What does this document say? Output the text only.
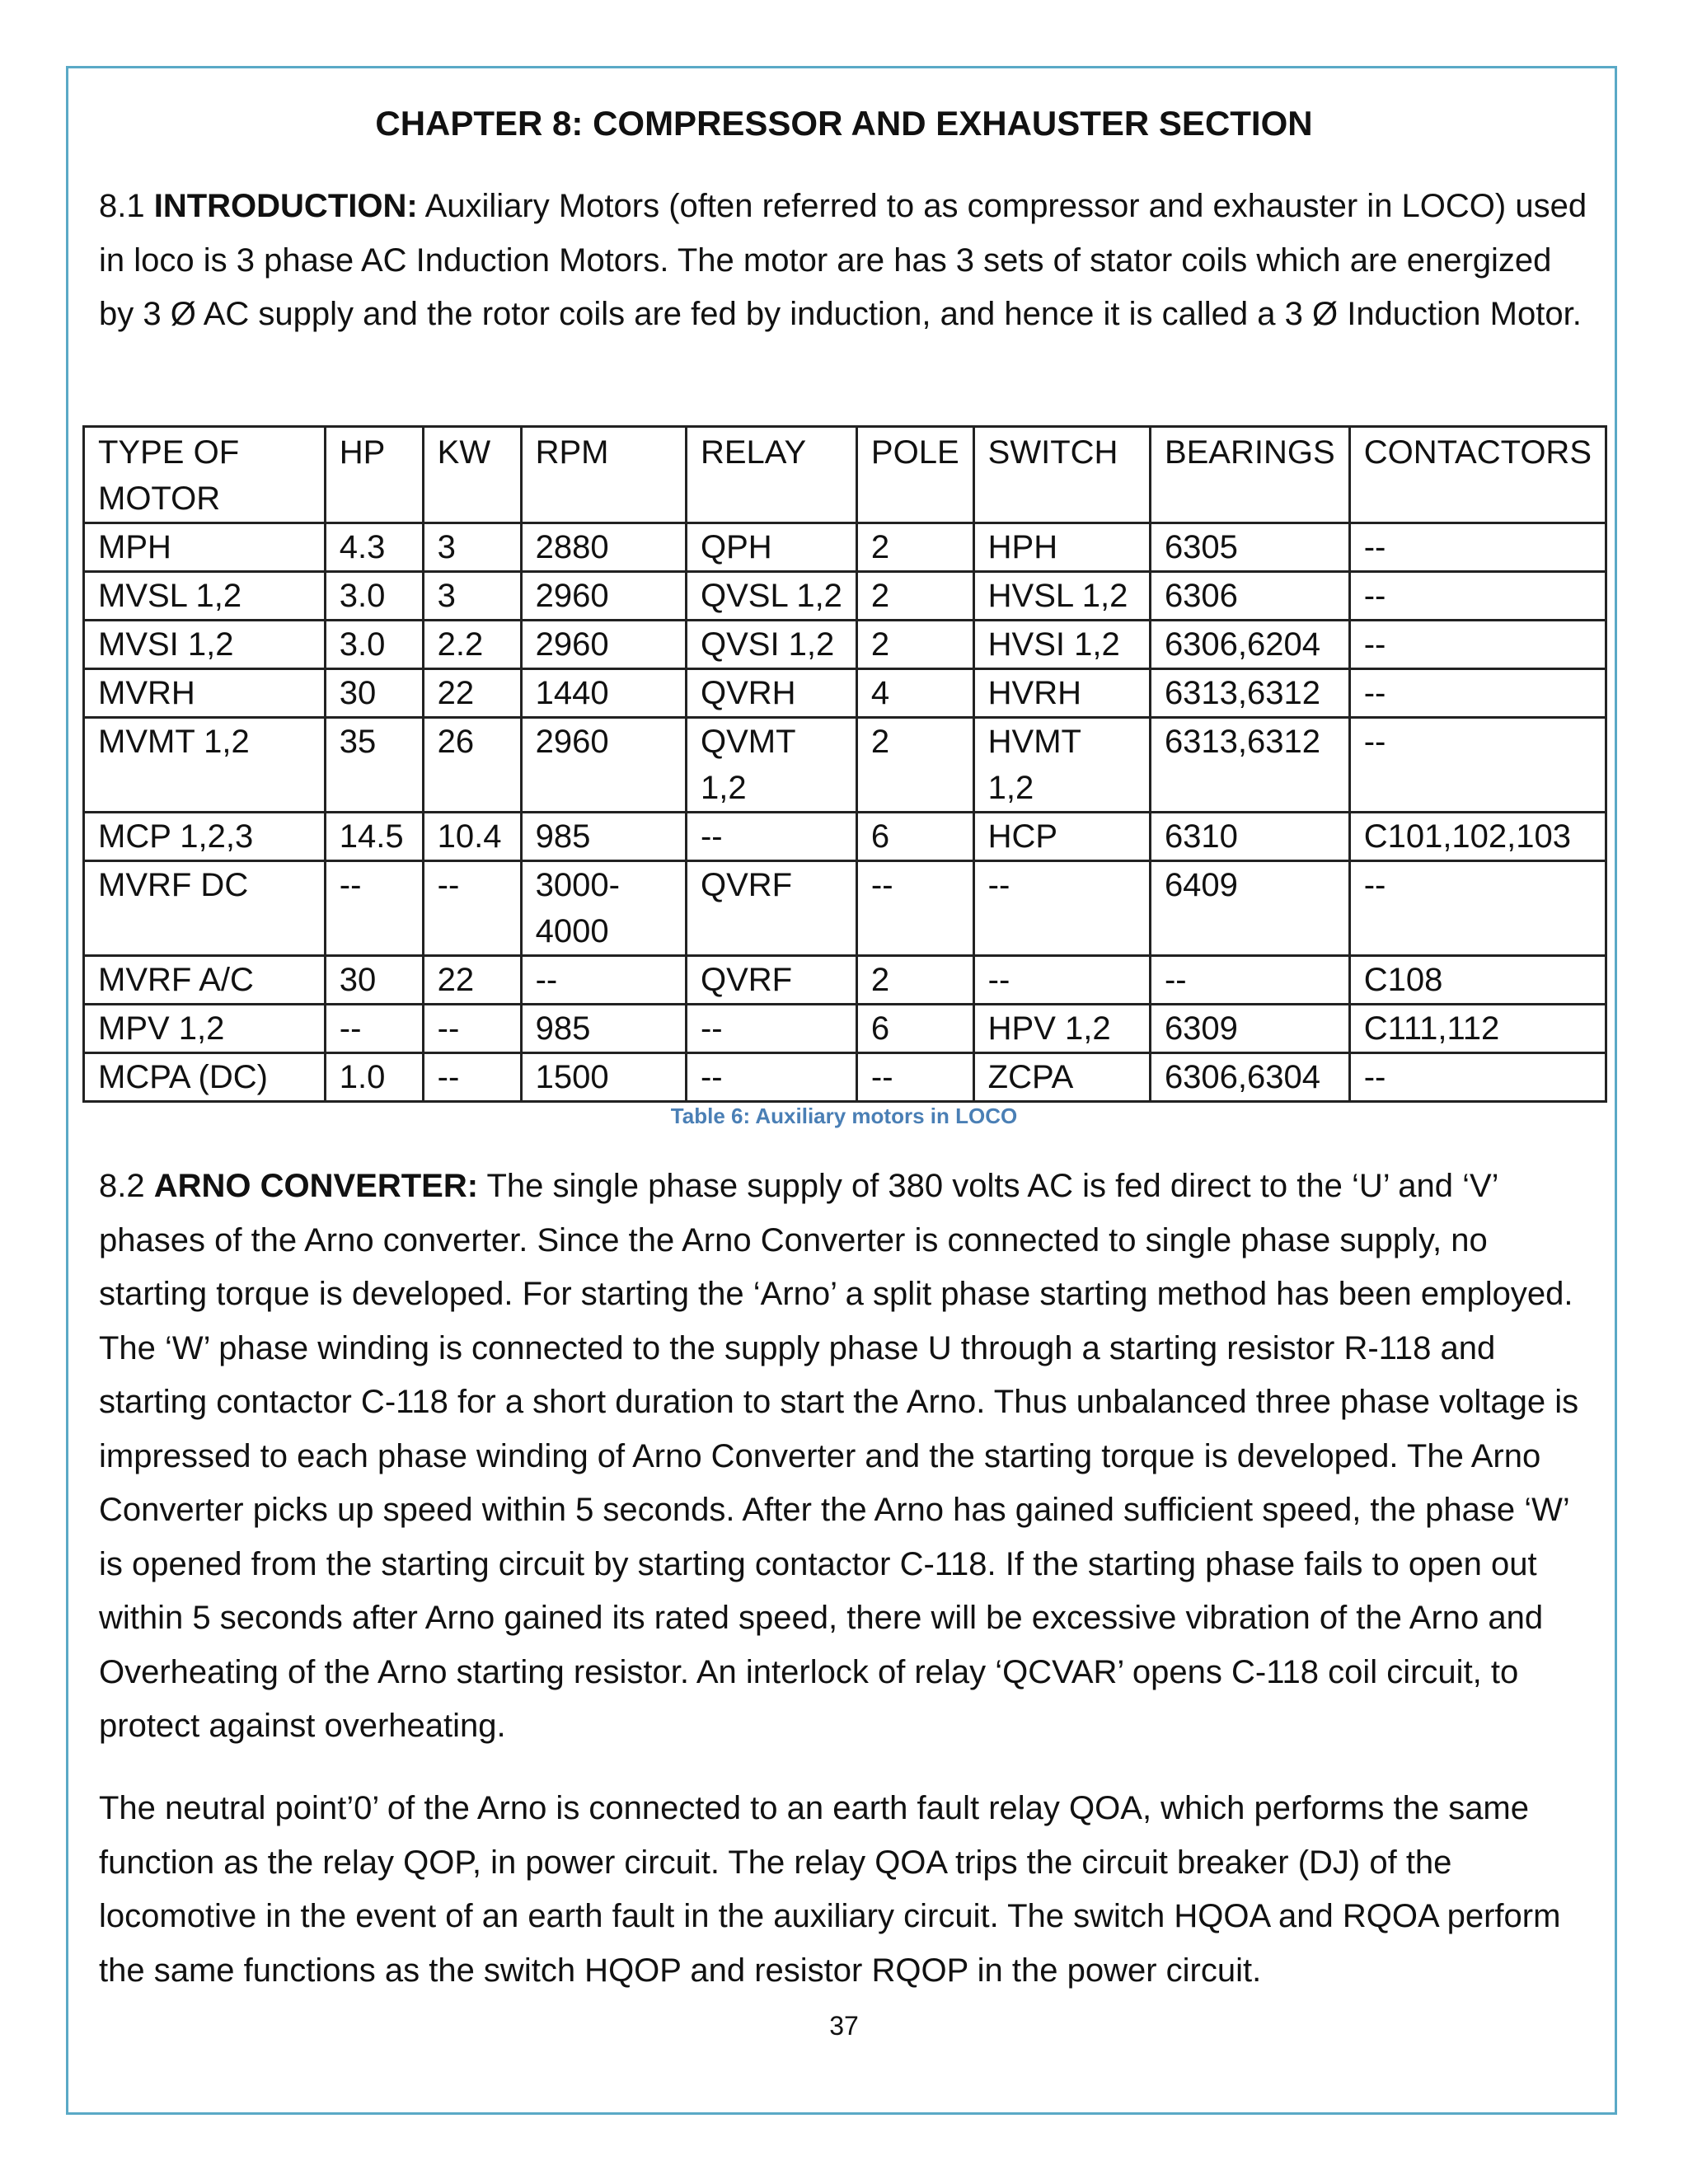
CHAPTER 8: COMPRESSOR AND EXHAUSTER SECTION
8.1 INTRODUCTION: Auxiliary Motors (often referred to as compressor and exhauster in LOCO) used in loco is 3 phase AC Induction Motors. The motor are has 3 sets of stator coils which are energized by 3 Ø AC supply and the rotor coils are fed by induction, and hence it is called a 3 Ø Induction Motor.
TYPE OF MOTOR	HP	KW	RPM	RELAY	POLE	SWITCH	BEARINGS	CONTACTORS
MPH	4.3	3	2880	QPH	2	HPH	6305	--
MVSL 1,2	3.0	3	2960	QVSL 1,2	2	HVSL 1,2	6306	--
MVSI 1,2	3.0	2.2	2960	QVSI 1,2	2	HVSI 1,2	6306,6204	--
MVRH	30	22	1440	QVRH	4	HVRH	6313,6312	--
MVMT 1,2	35	26	2960	QVMT 1,2	2	HVMT 1,2	6313,6312	--
MCP 1,2,3	14.5	10.4	985	--	6	HCP	6310	C101,102,103
MVRF DC	--	--	3000-4000	QVRF	--	--	6409	--
MVRF A/C	30	22	--	QVRF	2	--	--	C108
MPV 1,2	--	--	985	--	6	HPV 1,2	6309	C111,112
MCPA (DC)	1.0	--	1500	--	--	ZCPA	6306,6304	--
Table 6: Auxiliary motors in LOCO
8.2 ARNO CONVERTER: The single phase supply of 380 volts AC is fed direct to the ‘U’ and ‘V’ phases of the Arno converter. Since the Arno Converter is connected to single phase supply, no starting torque is developed. For starting the ‘Arno’ a split phase starting method has been employed. The ‘W’ phase winding is connected to the supply phase U through a starting resistor R-118 and starting contactor C-118 for a short duration to start the Arno. Thus unbalanced three phase voltage is impressed to each phase winding of Arno Converter and the starting torque is developed. The Arno Converter picks up speed within 5 seconds. After the Arno has gained sufficient speed, the phase ‘W’ is opened from the starting circuit by starting contactor C-118. If the starting phase fails to open out within 5 seconds after Arno gained its rated speed, there will be excessive vibration of the Arno and Overheating of the Arno starting resistor. An interlock of relay ‘QCVAR’ opens C-118 coil circuit, to protect against overheating.
The neutral point’0’ of the Arno is connected to an earth fault relay QOA, which performs the same function as the relay QOP, in power circuit. The relay QOA trips the circuit breaker (DJ) of the locomotive in the event of an earth fault in the auxiliary circuit. The switch HQOA and RQOA perform the same functions as the switch HQOP and resistor RQOP in the power circuit.
37
